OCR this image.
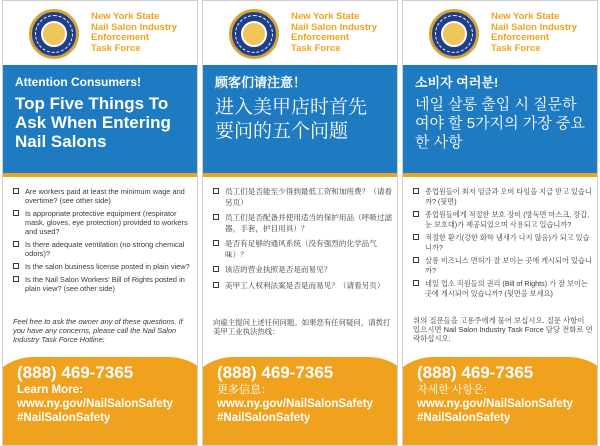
New York State
Nail Salon Industry
Enforcement
Task Force
Attention Consumers!
Top Five Things To Ask When Entering Nail Salons
Are workers paid at least the minimum wage and overtime? (see other side)
Is appropriate protective equipment (respirator mask, gloves, eye protection) provided to workers and used?
Is there adequate ventilation (no strong chemical odors)?
Is the salon business license posted in plain view?
Is the Nail Salon Workers' Bill of Rights posted in plain view? (see other side)
Feel free to ask the owner any of these questions. If you have any concerns, please call the Nail Salon Industry Task Force Hotline:
(888) 469-7365
Learn More:
www.ny.gov/NailSalonSafety
#NailSalonSafety
New York State
Nail Salon Industry
Enforcement
Task Force
顾客们请注意！
进入美甲店时首先要问的五个问题
员工们是否能至少得到最低工资和加班费？（请看另页）
员工们是否配备并使用适当的保护用品（呼吸过滤器，手套，护目用具）？
是否有足够的通风系统（没有强烈的化学品气味）？
该店的营业执照是否是而易见？
美甲工人权利法案是否是而易见？（请看另页）
向雇主提问上述任何问题。如果您有任何疑问，请拨打美甲工业执法热线：
(888) 469-7365
更多信息：
www.ny.gov/NailSalonSafety
#NailSalonSafety
New York State
Nail Salon Industry
Enforcement
Task Force
소비자 여러분!
네일 살롱 출입 시 질문하여야 할 5가지의 가장 중요한 사항
종업원들이 최저 임금과 오버 타임을 지급 받고 있습니까? (뒷면)
종업원들에게 적절한 보호 장비 (방독면 마스크, 장갑, 눈 보호대)가 제공되었으며 사용되고 있습니까?
적절한 환기(강한 화학 냄새가 나지 않음)가 되고 있습니까?
살롱 비즈니스 면허가 잘 보이는 곳에 게시되어 있습니까?
네일 업소 직원들의 권리 (Bill of Rights) 가 잘 보이는 곳에 게시되어 있습니까? (뒷면을 보세요)
위의 질문들을 고용주에게 물어 보십시오. 질문 사항이 있으시면 Nail Salon Industry Task Force 담당 전화로 연락하십시오:
(888) 469-7365
자세한 사항은:
www.ny.gov/NailSalonSafety
#NailSalonSafety
